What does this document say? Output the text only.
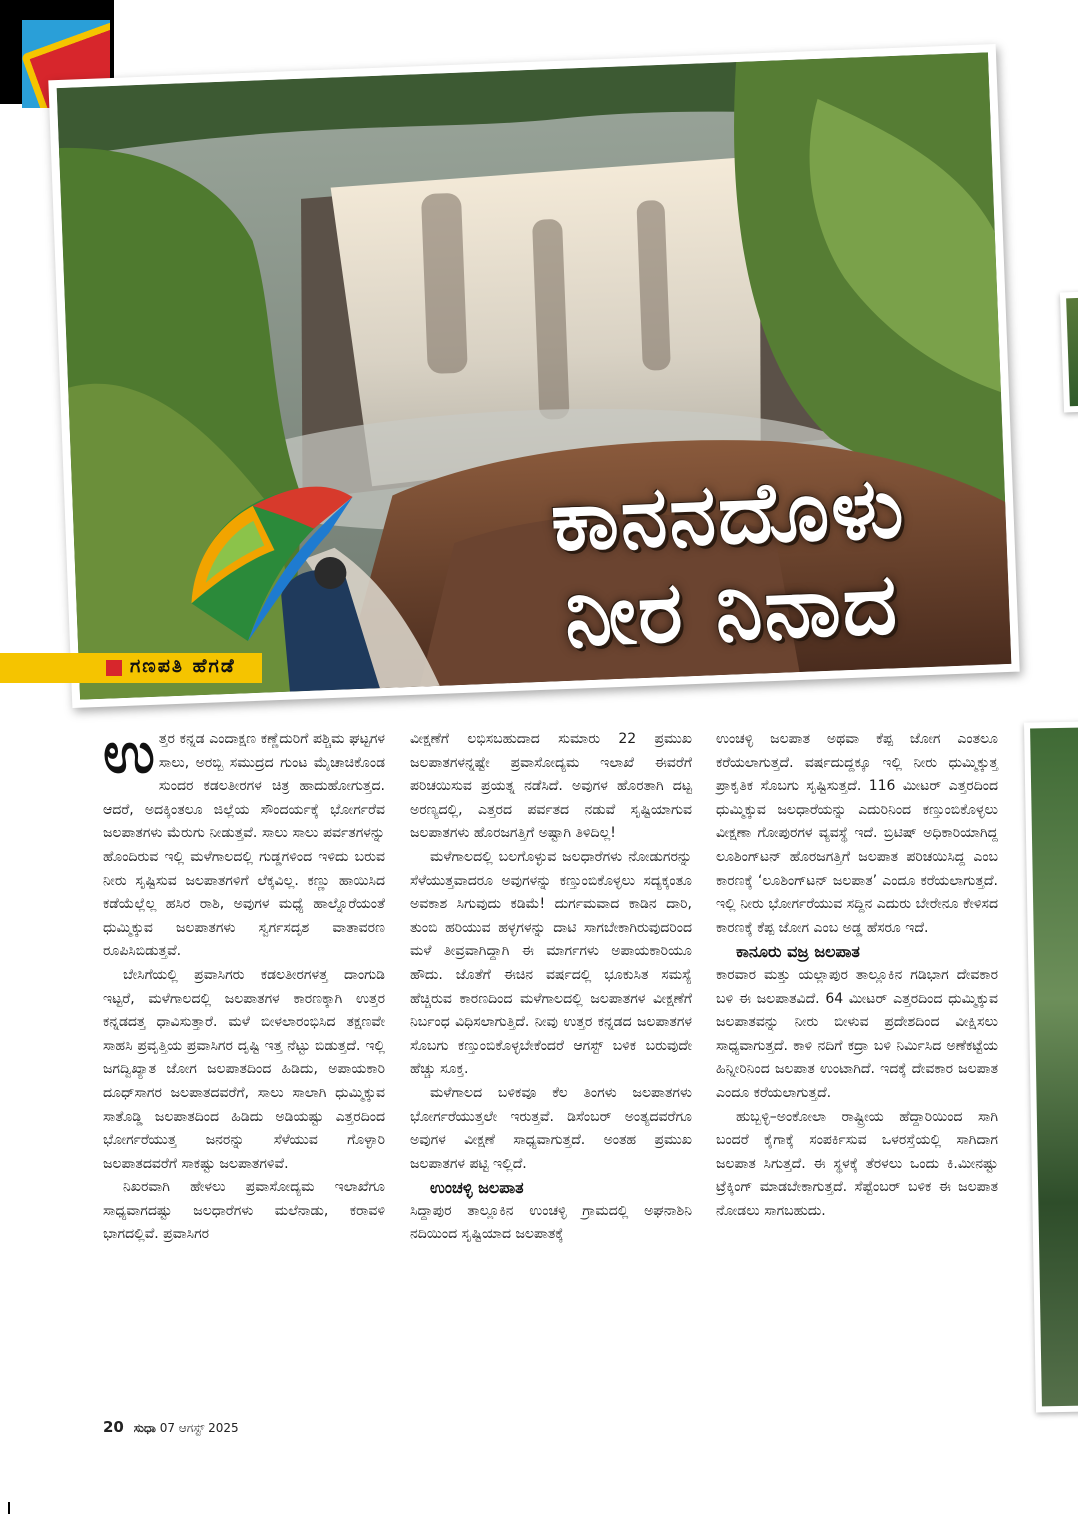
ಕಾನನದೊಳು
ನೀರ ನಿನಾದ
ಗಣಪತಿ ಹೆಗಡೆ

ಉತ್ತರ ಕನ್ನಡ ಎಂದಾಕ್ಷಣ ಕಣ್ಣೆದುರಿಗೆ ಪಶ್ಚಿಮ ಘಟ್ಟಗಳ ಸಾಲು, ಅರಬ್ಬಿ ಸಮುದ್ರದ ಗುಂಟ ಮೈಚಾಚಿಕೊಂಡ ಸುಂದರ ಕಡಲತೀರಗಳ ಚಿತ್ರ ಹಾದುಹೋಗುತ್ತದ. ಆದರೆ, ಅದಕ್ಕಿಂತಲೂ ಜಿಲ್ಲೆಯ ಸೌಂದರ್ಯಕ್ಕೆ ಭೋರ್ಗರೆವ ಜಲಪಾತಗಳು ಮೆರುಗು ನೀಡುತ್ತವೆ. ಸಾಲು ಸಾಲು ಪರ್ವತಗಳನ್ನು ಹೊಂದಿರುವ ಇಲ್ಲಿ ಮಳೆಗಾಲದಲ್ಲಿ ಗುಡ್ಡಗಳಿಂದ ಇಳಿದು ಬರುವ ನೀರು ಸೃಷ್ಟಿಸುವ ಜಲಪಾತಗಳಿಗೆ ಲೆಕ್ಕವಿಲ್ಲ. ಕಣ್ಣು ಹಾಯಿಸಿದ ಕಡೆಯೆಲ್ಲೆಲ್ಲ ಹಸಿರ ರಾಶಿ, ಅವುಗಳ ಮಧ್ಯೆ ಹಾಲ್ನೊರೆಯಂತೆ ಧುಮ್ಮಿಕ್ಕುವ ಜಲಪಾತಗಳು ಸ್ವರ್ಗಸದೃಶ ವಾತಾವರಣ ರೂಪಿಸಿಬಿಡುತ್ತವೆ.

ಬೇಸಿಗೆಯಲ್ಲಿ ಪ್ರವಾಸಿಗರು ಕಡಲತೀರಗಳತ್ತ ದಾಂಗುಡಿ ಇಟ್ಟರೆ, ಮಳೆಗಾಲದಲ್ಲಿ ಜಲಪಾತಗಳ ಕಾರಣಕ್ಕಾಗಿ ಉತ್ತರ ಕನ್ನಡದತ್ತ ಧಾವಿಸುತ್ತಾರೆ. ಮಳೆ ಬೀಳಲಾರಂಭಿಸಿದ ತಕ್ಷಣವೇ ಸಾಹಸಿ ಪ್ರವೃತ್ತಿಯ ಪ್ರವಾಸಿಗರ ದೃಷ್ಟಿ ಇತ್ತ ನೆಟ್ಟು ಬಿಡುತ್ತದೆ. ಇಲ್ಲಿ ಜಗದ್ವಿಖ್ಯಾತ ಜೋಗ ಜಲಪಾತದಿಂದ ಹಿಡಿದು, ಅಪಾಯಕಾರಿ ದೂಧ್‌ಸಾಗರ ಜಲಪಾತದವರೆಗೆ, ಸಾಲು ಸಾಲಾಗಿ ಧುಮ್ಮಿಕ್ಕುವ ಸಾತೊಡ್ಡಿ ಜಲಪಾತದಿಂದ ಹಿಡಿದು ಅಡಿಯಷ್ಟು ಎತ್ತರದಿಂದ ಭೋರ್ಗರೆಯುತ್ತ ಜನರನ್ನು ಸೆಳೆಯುವ ಗೊಳ್ಳಾರಿ ಜಲಪಾತದವರೆಗೆ ಸಾಕಷ್ಟು ಜಲಪಾತಗಳಿವೆ.

ನಿಖರವಾಗಿ ಹೇಳಲು ಪ್ರವಾಸೋದ್ಯಮ ಇಲಾಖೆಗೂ ಸಾಧ್ಯವಾಗದಷ್ಟು ಜಲಧಾರೆಗಳು ಮಲೆನಾಡು, ಕರಾವಳಿ ಭಾಗದಲ್ಲಿವೆ. ಪ್ರವಾಸಿಗರ

ವೀಕ್ಷಣೆಗೆ ಲಭಿಸಬಹುದಾದ ಸುಮಾರು 22 ಪ್ರಮುಖ ಜಲಪಾತಗಳನ್ನಷ್ಟೇ ಪ್ರವಾಸೋದ್ಯಮ ಇಲಾಖೆ ಈವರೆಗೆ ಪರಿಚಯಿಸುವ ಪ್ರಯತ್ನ ನಡೆಸಿದೆ. ಅವುಗಳ ಹೊರತಾಗಿ ದಟ್ಟ ಅರಣ್ಯದಲ್ಲಿ, ಎತ್ತರದ ಪರ್ವತದ ನಡುವೆ ಸೃಷ್ಟಿಯಾಗುವ ಜಲಪಾತಗಳು ಹೊರಜಗತ್ತಿಗೆ ಅಷ್ಟಾಗಿ ತಿಳಿದಿಲ್ಲ!

ಮಳೆಗಾಲದಲ್ಲಿ ಬಲಗೊಳ್ಳುವ ಜಲಧಾರೆಗಳು ನೋಡುಗರನ್ನು ಸೆಳೆಯುತ್ತವಾದರೂ ಅವುಗಳನ್ನು ಕಣ್ತುಂಬಿಕೊಳ್ಳಲು ಸದ್ಯಕ್ಕಂತೂ ಅವಕಾಶ ಸಿಗುವುದು ಕಡಿಮೆ! ದುರ್ಗಮವಾದ ಕಾಡಿನ ದಾರಿ, ತುಂಬಿ ಹರಿಯುವ ಹಳ್ಳಗಳನ್ನು ದಾಟಿ ಸಾಗಬೇಕಾಗಿರುವುದರಿಂದ ಮಳೆ ತೀವ್ರವಾಗಿದ್ದಾಗಿ ಈ ಮಾರ್ಗಗಳು ಅಪಾಯಕಾರಿಯೂ ಹೌದು. ಜೊತೆಗೆ ಈಚಿನ ವರ್ಷದಲ್ಲಿ ಭೂಕುಸಿತ ಸಮಸ್ಯೆ ಹೆಚ್ಚಿರುವ ಕಾರಣದಿಂದ ಮಳೆಗಾಲದಲ್ಲಿ ಜಲಪಾತಗಳ ವೀಕ್ಷಣೆಗೆ ನಿರ್ಬಂಧ ವಿಧಿಸಲಾಗುತ್ತಿದೆ. ನೀವು ಉತ್ತರ ಕನ್ನಡದ ಜಲಪಾತಗಳ ಸೊಬಗು ಕಣ್ತುಂಬಿಕೊಳ್ಳಬೇಕೆಂದರೆ ಆಗಸ್ಟ್ ಬಳಿಕ ಬರುವುದೇ ಹೆಚ್ಚು ಸೂಕ್ತ.

ಮಳೆಗಾಲದ ಬಳಿಕವೂ ಕೆಲ ತಿಂಗಳು ಜಲಪಾತಗಳು ಭೋರ್ಗರೆಯುತ್ತಲೇ ಇರುತ್ತವೆ. ಡಿಸೆಂಬರ್ ಅಂತ್ಯದವರೆಗೂ ಅವುಗಳ ವೀಕ್ಷಣೆ ಸಾಧ್ಯವಾಗುತ್ತದೆ. ಅಂತಹ ಪ್ರಮುಖ ಜಲಪಾತಗಳ ಪಟ್ಟಿ ಇಲ್ಲಿದೆ.

ಉಂಚಳ್ಳಿ ಜಲಪಾತ

ಸಿದ್ದಾಪುರ ತಾಲ್ಲೂಕಿನ ಉಂಚಳ್ಳಿ ಗ್ರಾಮದಲ್ಲಿ ಅಘನಾಶಿನಿ ನದಿಯಿಂದ ಸೃಷ್ಟಿಯಾದ ಜಲಪಾತಕ್ಕೆ

ಉಂಚಳ್ಳಿ ಜಲಪಾತ ಅಥವಾ ಕೆಪ್ಪ ಜೋಗ ಎಂತಲೂ ಕರೆಯಲಾಗುತ್ತದೆ. ವರ್ಷದುದ್ದಕ್ಕೂ ಇಲ್ಲಿ ನೀರು ಧುಮ್ಮಿಕ್ಕುತ್ತ ಪ್ರಾಕೃತಿಕ ಸೊಬಗು ಸೃಷ್ಟಿಸುತ್ತದೆ. 116 ಮೀಟರ್ ಎತ್ತರದಿಂದ ಧುಮ್ಮಿಕ್ಕುವ ಜಲಧಾರೆಯನ್ನು ಎದುರಿನಿಂದ ಕಣ್ತುಂಬಿಕೊಳ್ಳಲು ವೀಕ್ಷಣಾ ಗೋಪುರಗಳ ವ್ಯವಸ್ಥೆ ಇದೆ. ಬ್ರಿಟಿಷ್ ಅಧಿಕಾರಿಯಾಗಿದ್ದ ಲೂಶಿಂಗ್‌ಟನ್ ಹೊರಜಗತ್ತಿಗೆ ಜಲಪಾತ ಪರಿಚಯಿಸಿದ್ದ ಎಂಬ ಕಾರಣಕ್ಕೆ ‘ಲೂಶಿಂಗ್‌ಟನ್ ಜಲಪಾತ’ ಎಂದೂ ಕರೆಯಲಾಗುತ್ತದೆ. ಇಲ್ಲಿ ನೀರು ಭೋರ್ಗರೆಯುವ ಸದ್ದಿನ ಎದುರು ಬೇರೇನೂ ಕೇಳಿಸದ ಕಾರಣಕ್ಕೆ ಕೆಪ್ಪ ಜೋಗ ಎಂಬ ಅಡ್ಡ ಹೆಸರೂ ಇದೆ.

ಕಾನೂರು ವಜ್ರ ಜಲಪಾತ

ಕಾರವಾರ ಮತ್ತು ಯಲ್ಲಾಪುರ ತಾಲ್ಲೂಕಿನ ಗಡಿಭಾಗ ದೇವಕಾರ ಬಳಿ ಈ ಜಲಪಾತವಿದೆ. 64 ಮೀಟರ್ ಎತ್ತರದಿಂದ ಧುಮ್ಮಿಕ್ಕುವ ಜಲಪಾತವನ್ನು ನೀರು ಬೀಳುವ ಪ್ರದೇಶದಿಂದ ವೀಕ್ಷಿಸಲು ಸಾಧ್ಯವಾಗುತ್ತದೆ. ಕಾಳಿ ನದಿಗೆ ಕದ್ರಾ ಬಳಿ ನಿರ್ಮಿಸಿದ ಅಣೆಕಟ್ಟೆಯ ಹಿನ್ನೀರಿನಿಂದ ಜಲಪಾತ ಉಂಟಾಗಿದೆ. ಇದಕ್ಕೆ ದೇವಕಾರ ಜಲಪಾತ ಎಂದೂ ಕರೆಯಲಾಗುತ್ತದೆ.

ಹುಬ್ಬಳ್ಳಿ–ಅಂಕೋಲಾ ರಾಷ್ಟ್ರೀಯ ಹೆದ್ದಾರಿಯಿಂದ ಸಾಗಿ ಬಂದರೆ ಕೈಗಾಕ್ಕೆ ಸಂಪರ್ಕಿಸುವ ಒಳರಸ್ತೆಯಲ್ಲಿ ಸಾಗಿದಾಗ ಜಲಪಾತ ಸಿಗುತ್ತದೆ. ಈ ಸ್ಥಳಕ್ಕೆ ತೆರಳಲು ಒಂದು ಕಿ.ಮೀನಷ್ಟು ಟ್ರೆಕ್ಕಿಂಗ್ ಮಾಡಬೇಕಾಗುತ್ತದೆ. ಸೆಪ್ಟೆಂಬರ್ ಬಳಿಕ ಈ ಜಲಪಾತ ನೋಡಲು ಸಾಗಬಹುದು.

20 ಸುಧಾ 07 ಆಗಸ್ಟ್ 2025
